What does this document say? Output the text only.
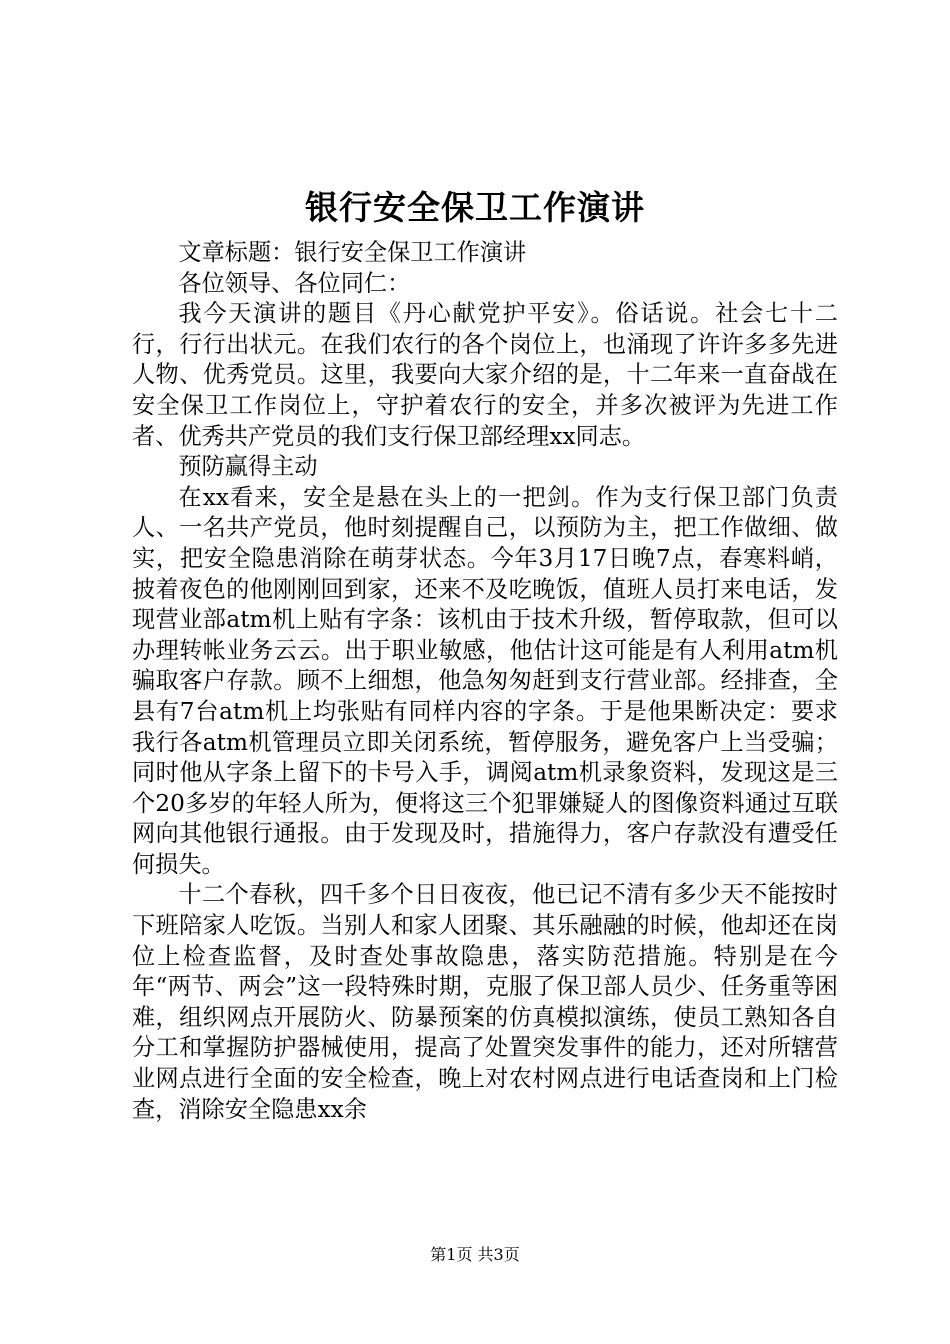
银行安全保卫工作演讲

文章标题：银行安全保卫工作演讲

各位领导、各位同仁：

我今天演讲的题目《丹心献党护平安》。俗话说。社会七十二行，行行出状元。在我们农行的各个岗位上，也涌现了许许多多先进人物、优秀党员。这里，我要向大家介绍的是，十二年来一直奋战在安全保卫工作岗位上，守护着农行的安全，并多次被评为先进工作者、优秀共产党员的我们支行保卫部经理xx同志。

预防赢得主动

在xx看来，安全是悬在头上的一把剑。作为支行保卫部门负责人、一名共产党员，他时刻提醒自己，以预防为主，把工作做细、做实，把安全隐患消除在萌芽状态。今年3月17日晚7点，春寒料峭，披着夜色的他刚刚回到家，还来不及吃晚饭，值班人员打来电话，发现营业部atm机上贴有字条：该机由于技术升级，暂停取款，但可以办理转帐业务云云。出于职业敏感，他估计这可能是有人利用atm机骗取客户存款。顾不上细想，他急匆匆赶到支行营业部。经排查，全县有7台atm机上均张贴有同样内容的字条。于是他果断决定：要求我行各atm机管理员立即关闭系统，暂停服务，避免客户上当受骗；同时他从字条上留下的卡号入手，调阅atm机录象资料，发现这是三个20多岁的年轻人所为，便将这三个犯罪嫌疑人的图像资料通过互联网向其他银行通报。由于发现及时，措施得力，客户存款没有遭受任何损失。

十二个春秋，四千多个日日夜夜，他已记不清有多少天不能按时下班陪家人吃饭。当别人和家人团聚、其乐融融的时候，他却还在岗位上检查监督，及时查处事故隐患，落实防范措施。特别是在今年“两节、两会”这一段特殊时期，克服了保卫部人员少、任务重等困难，组织网点开展防火、防暴预案的仿真模拟演练，使员工熟知各自分工和掌握防护器械使用，提高了处置突发事件的能力，还对所辖营业网点进行全面的安全检查，晚上对农村网点进行电话查岗和上门检查，消除安全隐患xx余

第1页 共3页
